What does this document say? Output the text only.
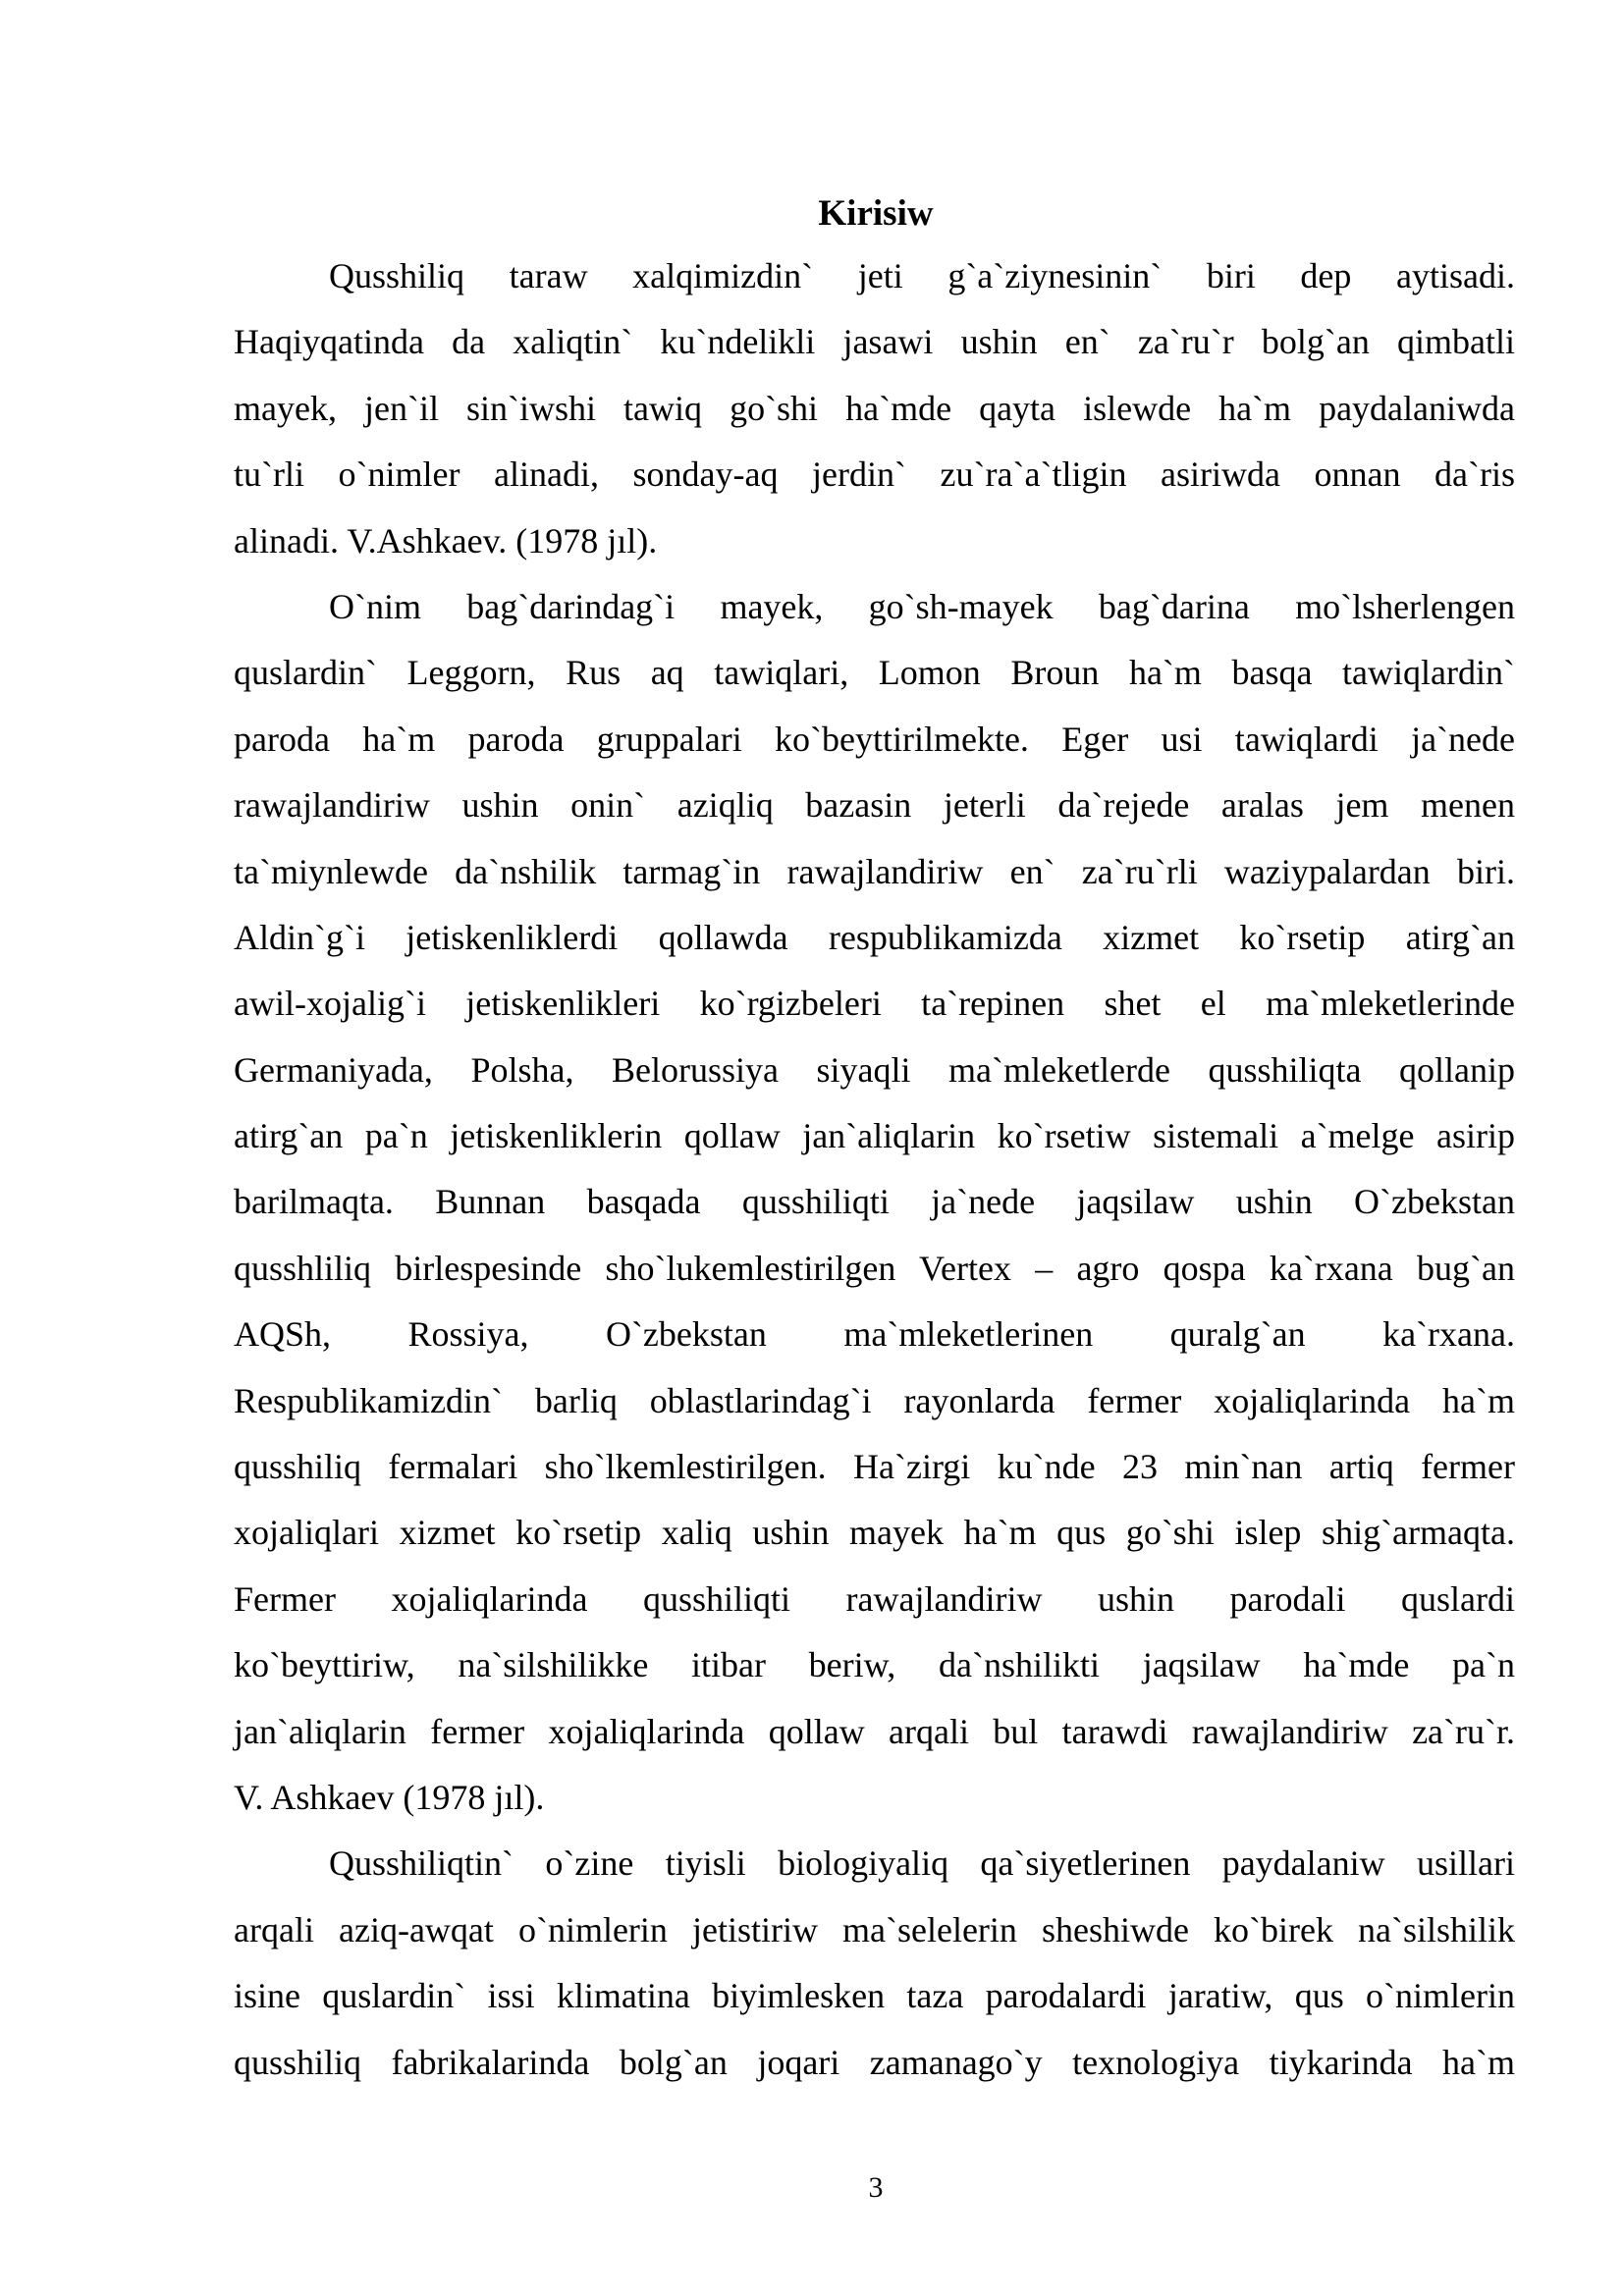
Kirisiw
Qusshiliq taraw xalqimizdin` jeti g`a`ziynesinin` biri dep aytisadi.
Haqiyqatinda da xaliqtin` ku`ndelikli jasawi ushin en` za`ru`r bolg`an qimbatli
mayek, jen`il sin`iwshi tawiq go`shi ha`mde qayta islewde ha`m paydalaniwda
tu`rli o`nimler alinadi, sonday-aq jerdin` zu`ra`a`tligin asiriwda onnan da`ris
alinadi. V.Ashkaev. (1978 jıl).
O`nim bag`darindag`i mayek, go`sh-mayek bag`darina mo`lsherlengen
quslardin` Leggorn, Rus aq tawiqlari, Lomon Broun ha`m basqa tawiqlardin`
paroda ha`m paroda gruppalari ko`beyttirilmekte. Eger usi tawiqlardi ja`nede
rawajlandiriw ushin onin` aziqliq bazasin jeterli da`rejede aralas jem menen
ta`miynlewde da`nshilik tarmag`in rawajlandiriw en` za`ru`rli waziypalardan biri.
Aldin`g`i jetiskenliklerdi qollawda respublikamizda xizmet ko`rsetip atirg`an
awil-xojalig`i jetiskenlikleri ko`rgizbeleri ta`repinen shet el ma`mleketlerinde
Germaniyada, Polsha, Belorussiya siyaqli ma`mleketlerde qusshiliqta qollanip
atirg`an pa`n jetiskenliklerin qollaw jan`aliqlarin ko`rsetiw sistemali a`melge asirip
barilmaqta. Bunnan basqada qusshiliqti ja`nede jaqsilaw ushin O`zbekstan
qusshliliq birlespesinde sho`lukemlestirilgen Vertex – agro qospa ka`rxana bug`an
AQSh, Rossiya, O`zbekstan ma`mleketlerinen quralg`an ka`rxana.
Respublikamizdin` barliq oblastlarindag`i rayonlarda fermer xojaliqlarinda ha`m
qusshiliq fermalari sho`lkemlestirilgen. Ha`zirgi ku`nde 23 min`nan artiq fermer
xojaliqlari xizmet ko`rsetip xaliq ushin mayek ha`m qus go`shi islep shig`armaqta.
Fermer xojaliqlarinda qusshiliqti rawajlandiriw ushin parodali quslardi
ko`beyttiriw, na`silshilikke itibar beriw, da`nshilikti jaqsilaw ha`mde pa`n
jan`aliqlarin fermer xojaliqlarinda qollaw arqali bul tarawdi rawajlandiriw za`ru`r.
V. Ashkaev (1978 jıl).
Qusshiliqtin` o`zine tiyisli biologiyaliq qa`siyetlerinen paydalaniw usillari
arqali aziq-awqat o`nimlerin jetistiriw ma`selelerin sheshiwde ko`birek na`silshilik
isine quslardin` issi klimatina biyimlesken taza parodalardi jaratiw, qus o`nimlerin
qusshiliq fabrikalarinda bolg`an joqari zamanago`y texnologiya tiykarinda ha`m
3
